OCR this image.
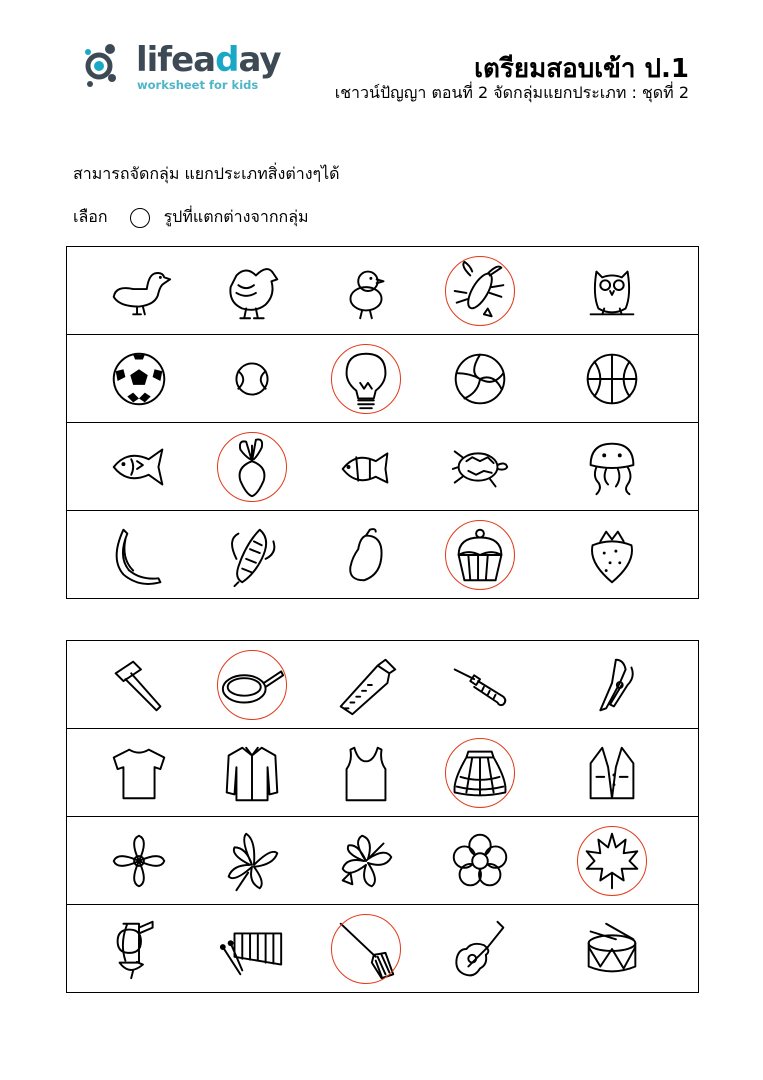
lifeaday
worksheet for kids
เตรียมสอบเข้า ป.1
เชาวน์ปัญญา ตอนที่ 2 จัดกลุ่มแยกประเภท : ชุดที่ 2
สามารถจัดกลุ่ม แยกประเภทสิ่งต่างๆได้
เลือก	รูปที่แตกต่างจากกลุ่ม
